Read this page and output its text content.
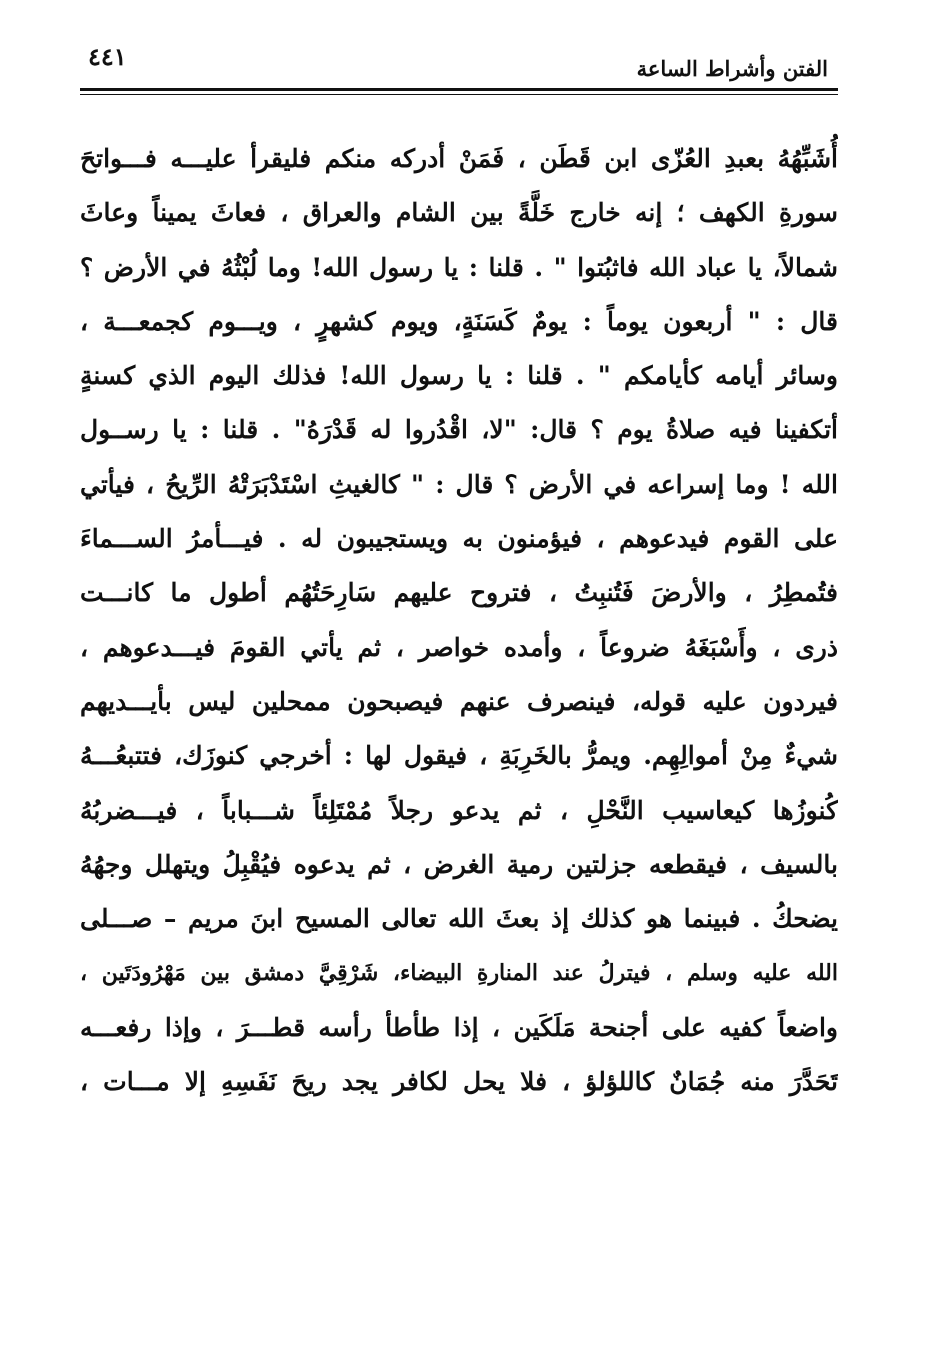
٤٤١	الفتن وأشراط الساعة
أُشَبِّهُهُ بعبدِ العُزّى ابن قَطَن ، فَمَنْ أدركه منكم فليقرأ عليـــه فـــواتحَ
سورةِ الكهف ؛ إنه خارج خَلَّةً بين الشام والعراق ، فعاثَ يميناً وعاثَ
شمالاً، يا عباد الله فاثبُتوا " . قلنا : يا رسول الله! وما لُبْثُهُ في الأرض ؟
قال : " أربعون يوماً : يومٌ كَسَنَةٍ، ويوم كشهرٍ ، ويـــوم كجمعـــة ،
وسائر أيامه كأيامكم " . قلنا : يا رسول الله! فذلك اليوم الذي كسنةٍ
أتكفينا فيه صلاةُ يوم ؟ قال: "لا، اقْدُروا له قَدْرَهُ" . قلنا : يا رســول
الله ! وما إسراعه في الأرض ؟ قال : " كالغيثِ اسْتَدْبَرَتْهُ الرِّيحُ ، فيأتي
على القوم فيدعوهم ، فيؤمنون به ويستجيبون له . فيـــأمرُ الســـماءَ
فتُمطِرُ ، والأرضَ فَتُنبِتُ ، فتروح عليهم سَارِحَتُهُم أطول ما كانـــت
ذرى ، وأَسْبَغَهُ ضروعاً ، وأمده خواصر ، ثم يأتي القومَ فيـــدعوهم ،
فيردون عليه قوله، فينصرف عنهم فيصبحون ممحلين ليس بأيـــديهم
شيءٌ مِنْ أموالِهِم. ويمرُّ بالخَرِبَةِ ، فيقول لها : أخرجي كنوزَك، فتتبعُـــهُ
كُنوزُها كيعاسيب النَّحْلِ ، ثم يدعو رجلاً مُمْتَلِئاً شـــباباً ، فيـــضربُهُ
بالسيف ، فيقطعه جزلتين رمية الغرض ، ثم يدعوه فيُقْبِلُ ويتهلل وجهُهُ
يضحكُ . فبينما هو كذلك إذ بعثَ الله تعالى المسيح ابنَ مريم – صـــلى
الله عليه وسلم ، فيترلُ عند المنارةِ البيضاء، شَرْقِيَّ دمشق بين مَهْرُودَتَين ،
واضعاً كفيه على أجنحة مَلَكَين ، إذا طأطأ رأسه قطـــرَ ، وإذا رفعـــه
تَحَدَّرَ منه جُمَانٌ كاللؤلؤ ، فلا يحل لكافر يجد ريحَ نَفَسِهِ إلا مـــات ،
